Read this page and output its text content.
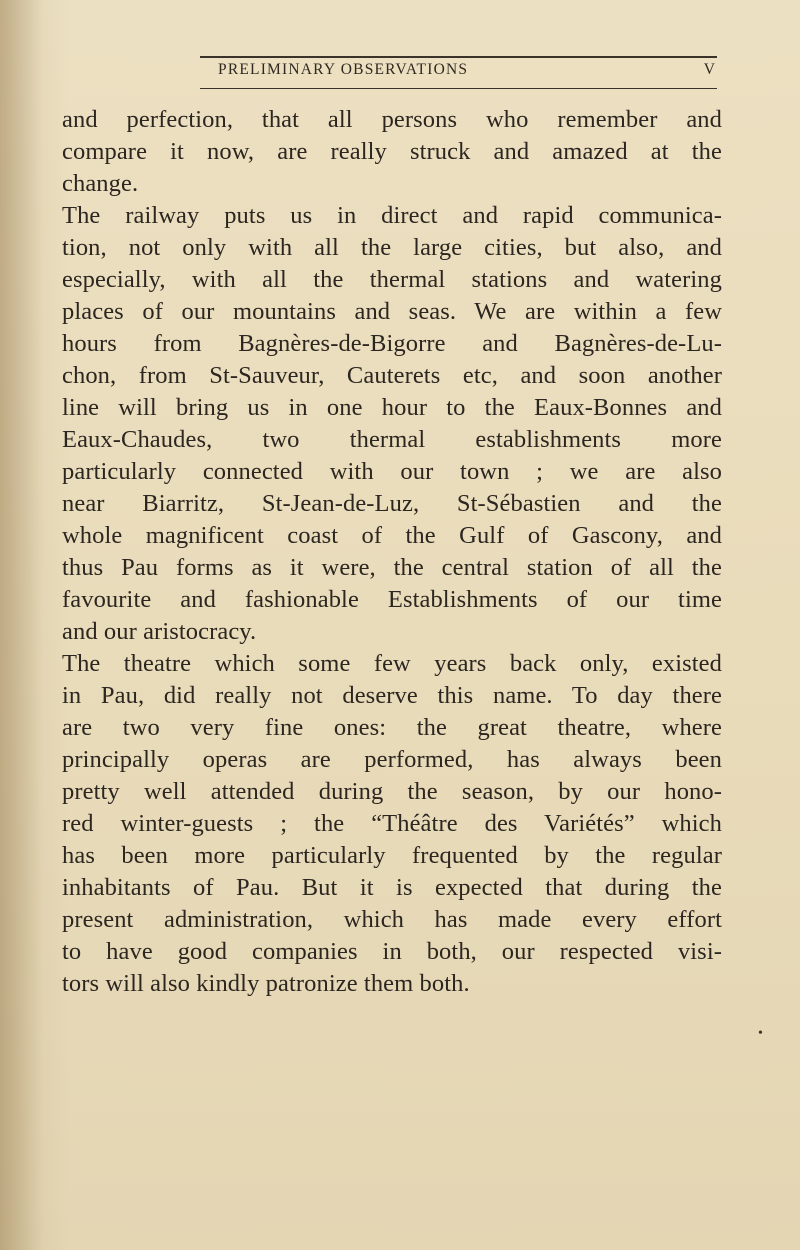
PRELIMINARY OBSERVATIONS	V
and perfection, that all persons who remember and
compare it now, are really struck and amazed at the
change.
The railway puts us in direct and rapid communica-
tion, not only with all the large cities, but also, and
especially, with all the thermal stations and watering
places of our mountains and seas. We are within a few
hours from Bagnères-de-Bigorre and Bagnères-de-Lu-
chon, from St-Sauveur, Cauterets etc, and soon another
line will bring us in one hour to the Eaux-Bonnes and
Eaux-Chaudes, two thermal establishments more
particularly connected with our town ; we are also
near Biarritz, St-Jean-de-Luz, St-Sébastien and the
whole magnificent coast of the Gulf of Gascony, and
thus Pau forms as it were, the central station of all the
favourite and fashionable Establishments of our time
and our aristocracy.
The theatre which some few years back only, existed
in Pau, did really not deserve this name. To day there
are two very fine ones: the great theatre, where
principally operas are performed, has always been
pretty well attended during the season, by our hono-
red winter-guests ; the “Théâtre des Variétés” which
has been more particularly frequented by the regular
inhabitants of Pau. But it is expected that during the
present administration, which has made every effort
to have good companies in both, our respected visi-
tors will also kindly patronize them both.
•
